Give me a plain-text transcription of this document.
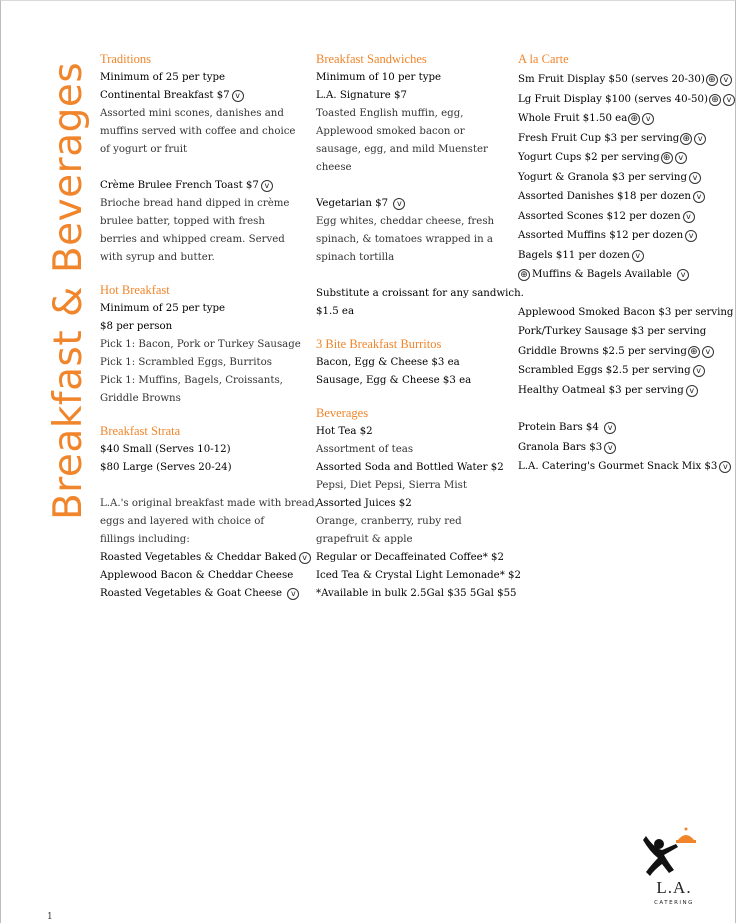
Breakfast & Beverages
Traditions
Minimum of 25 per type
Continental Breakfast $7 v
Assorted mini scones, danishes and muffins served with coffee and choice of yogurt or fruit
Crème Brulee French Toast $7 v
Brioche bread hand dipped in crème brulee batter, topped with fresh berries and whipped cream. Served with syrup and butter.
Hot Breakfast
Minimum of 25 per type
$8 per person
Pick 1: Bacon, Pork or Turkey Sausage
Pick 1: Scrambled Eggs, Burritos
Pick 1: Muffins, Bagels, Croissants,
Griddle Browns
Breakfast Strata
$40 Small (Serves 10-12)
$80 Large (Serves 20-24)
L.A.'s original breakfast made with bread,
eggs and layered with choice of
fillings including:
Roasted Vegetables & Cheddar Baked v
Applewood Bacon & Cheddar Cheese
Roasted Vegetables & Goat Cheese v
Breakfast Sandwiches
Minimum of 10 per type
L.A. Signature $7
Toasted English muffin, egg, Applewood smoked bacon or sausage, egg, and mild Muenster cheese
Vegetarian $7 v
Egg whites, cheddar cheese, fresh spinach, & tomatoes wrapped in a spinach tortilla
Substitute a croissant for any sandwich.
$1.5 ea
3 Bite Breakfast Burritos
Bacon, Egg & Cheese $3 ea
Sausage, Egg & Cheese $3 ea
Beverages
Hot Tea $2
Assortment of teas
Assorted Soda and Bottled Water $2
Pepsi, Diet Pepsi, Sierra Mist
Assorted Juices $2
Orange, cranberry, ruby red grapefruit & apple
Regular or Decaffeinated Coffee* $2
Iced Tea & Crystal Light Lemonade* $2
*Available in bulk 2.5Gal $35 5Gal $55
A la Carte
Sm Fruit Display $50 (serves 20-30) ⊕ v
Lg Fruit Display $100 (serves 40-50) ⊕ v
Whole Fruit $1.50 ea ⊕ v
Fresh Fruit Cup $3 per serving ⊕ v
Yogurt Cups $2 per serving ⊕ v
Yogurt & Granola $3 per serving v
Assorted Danishes $18 per dozen v
Assorted Scones $12 per dozen v
Assorted Muffins $12 per dozen v
Bagels $11 per dozen v
⊕ Muffins & Bagels Available v
Applewood Smoked Bacon $3 per serving
Pork/Turkey Sausage $3 per serving
Griddle Browns $2.5 per serving ⊕ v
Scrambled Eggs $2.5 per serving v
Healthy Oatmeal $3 per serving v
Protein Bars $4 v
Granola Bars $3 v
L.A. Catering's Gourmet Snack Mix $3 v
L.A.
CATERING
1
